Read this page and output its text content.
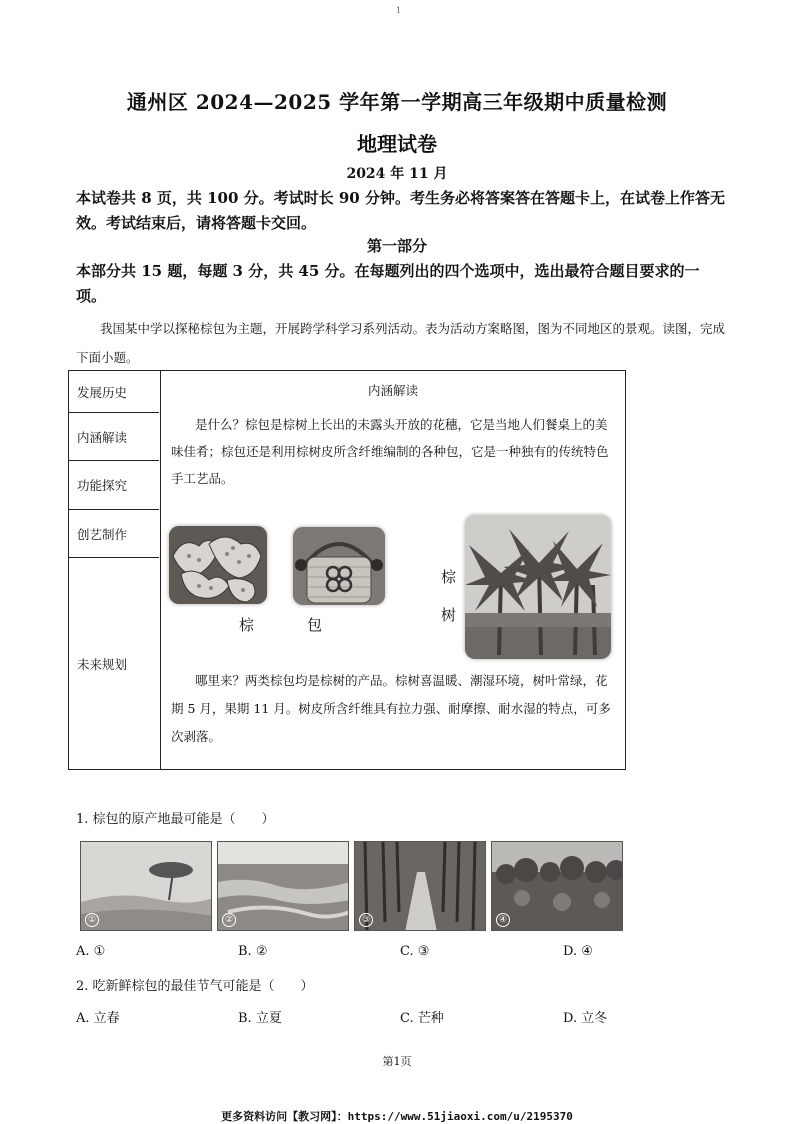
1
通州区 2024—2025 学年第一学期高三年级期中质量检测
地理试卷
2024 年 11 月
本试卷共 8 页，共 100 分。考试时长 90 分钟。考生务必将答案答在答题卡上，在试卷上作答无效。考试结束后，请将答题卡交回。
第一部分
本部分共 15 题，每题 3 分，共 45 分。在每题列出的四个选项中，选出最符合题目要求的一项。
我国某中学以探秘棕包为主题，开展跨学科学习系列活动。表为活动方案略图，图为不同地区的景观。读图，完成下面小题。
发展历史
内涵解读
功能探究
创艺制作
未来规划
内涵解读
是什么？棕包是棕树上长出的未露头开放的花穗，它是当地人们餐桌上的美味佳肴；棕包还是利用棕树皮所含纤维编制的各种包，它是一种独有的传统特色手工艺品。
棕	包
棕
树
哪里来？两类棕包均是棕树的产品。棕树喜温暖、潮湿环境，树叶常绿，花期 5 月，果期 11 月。树皮所含纤维具有拉力强、耐摩擦、耐水湿的特点，可多次剥落。
1. 棕包的原产地最可能是（　　）
①	②	③	④
A. ①	B. ②	C. ③	D. ④
2. 吃新鲜棕包的最佳节气可能是（　　）
A. 立春	B. 立夏	C. 芒种	D. 立冬
第1页
更多资料访问【教习网】：https://www.51jiaoxi.com/u/2195370
